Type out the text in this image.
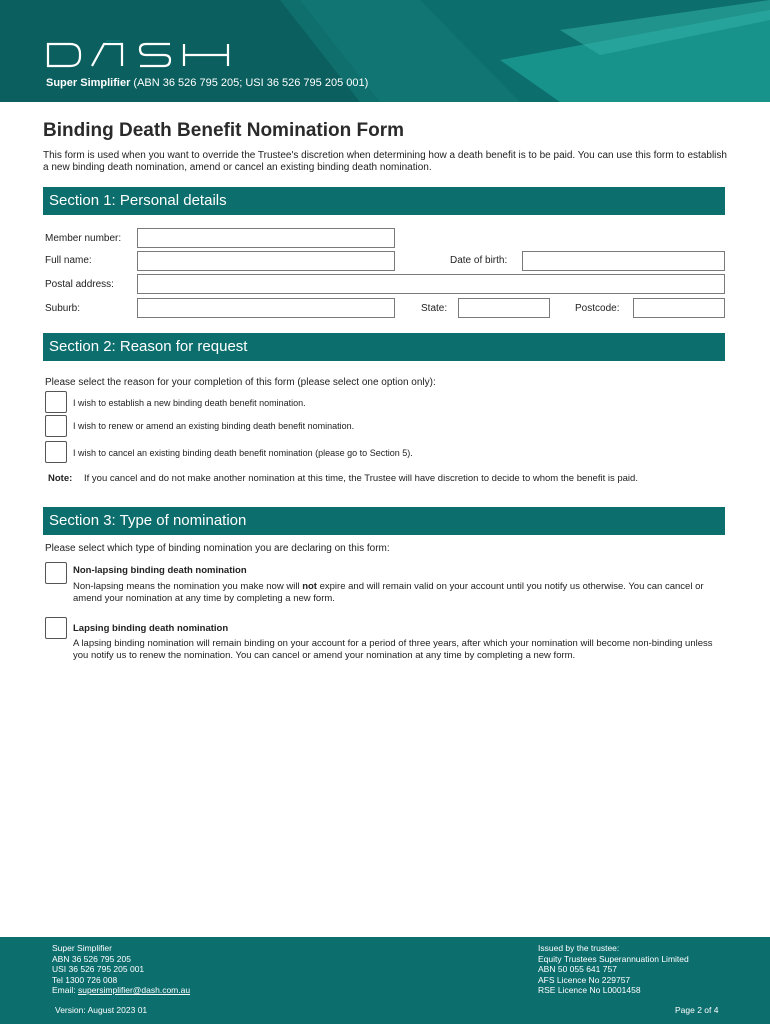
Super Simplifier (ABN 36 526 795 205; USI 36 526 795 205 001)
Binding Death Benefit Nomination Form
This form is used when you want to override the Trustee's discretion when determining how a death benefit is to be paid. You can use this form to establish a new binding death nomination, amend or cancel an existing binding death nomination.
Section 1: Personal details
Member number:
Full name:	Date of birth:
Postal address:
Suburb:	State:	Postcode:
Section 2: Reason for request
Please select the reason for your completion of this form (please select one option only):
I wish to establish a new binding death benefit nomination.
I wish to renew or amend an existing binding death benefit nomination.
I wish to cancel an existing binding death benefit nomination (please go to Section 5).
Note: If you cancel and do not make another nomination at this time, the Trustee will have discretion to decide to whom the benefit is paid.
Section 3: Type of nomination
Please select which type of binding nomination you are declaring on this form:
Non-lapsing binding death nomination
Non-lapsing means the nomination you make now will not expire and will remain valid on your account until you notify us otherwise. You can cancel or amend your nomination at any time by completing a new form.
Lapsing binding death nomination
A lapsing binding nomination will remain binding on your account for a period of three years, after which your nomination will become non-binding unless you notify us to renew the nomination. You can cancel or amend your nomination at any time by completing a new form.
Super Simplifier
ABN 36 526 795 205
USI 36 526 795 205 001
Tel 1300 726 008
Email: supersimplifier@dash.com.au
Issued by the trustee:
Equity Trustees Superannuation Limited
ABN 50 055 641 757
AFS Licence No 229757
RSE Licence No L0001458
Version: August 2023 01	Page 2 of 4
